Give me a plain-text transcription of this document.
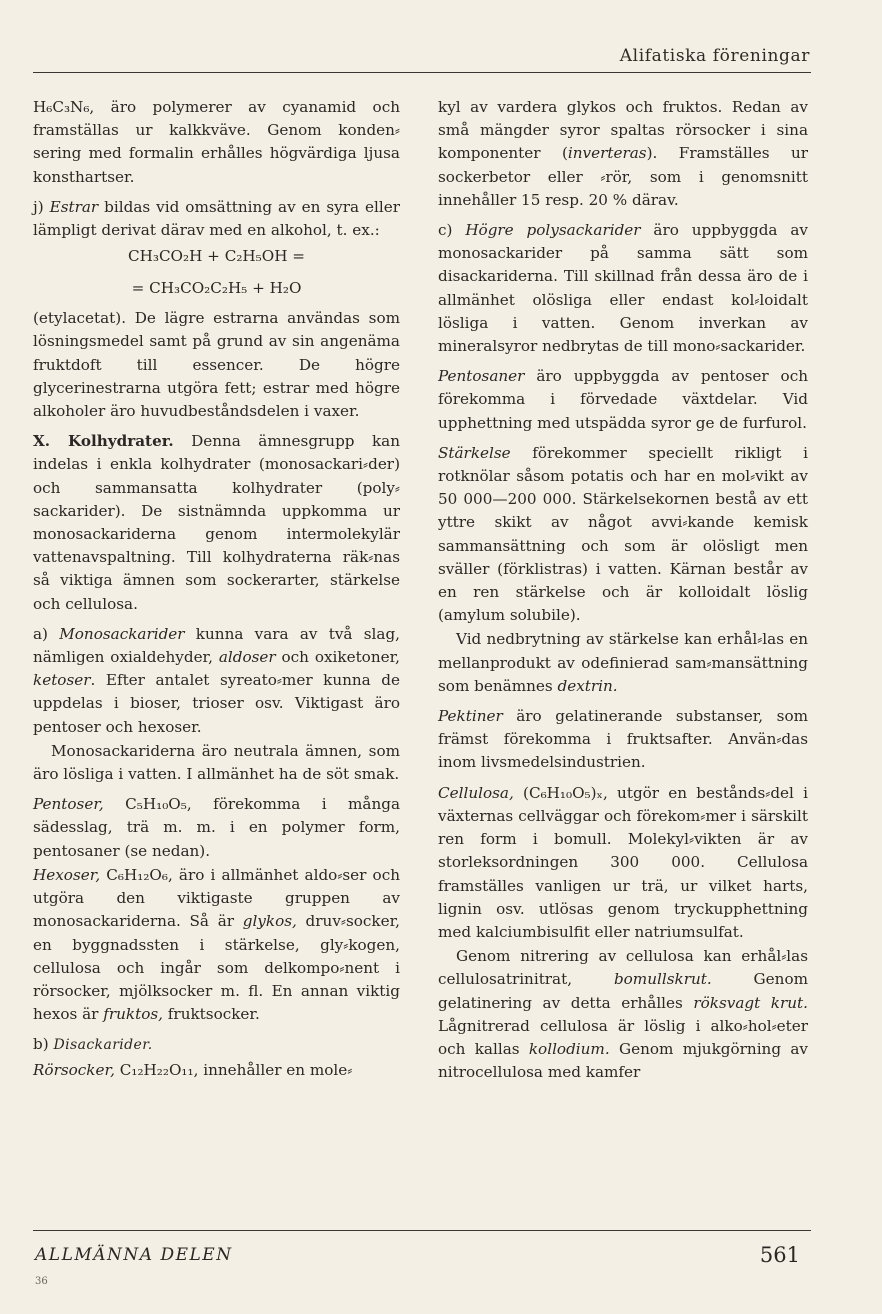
Alifatiska föreningar

H₆C₃N₆, äro polymerer av cyanamid och framställas ur kalkkväve. Genom konden⸗sering med formalin erhålles högvärdiga ljusa konsthartser.

j) Estrar bildas vid omsättning av en syra eller lämpligt derivat därav med en alkohol, t. ex.:

CH₃CO₂H + C₂H₅OH =

= CH₃CO₂C₂H₅ + H₂O

(etylacetat). De lägre estrarna användas som lösningsmedel samt på grund av sin angenäma fruktdoft till essencer. De högre glycerinestrarna utgöra fett; estrar med högre alkoholer äro huvudbeståndsdelen i vaxer.

X. Kolhydrater. Denna ämnesgrupp kan indelas i enkla kolhydrater (monosackari⸗der) och sammansatta kolhydrater (poly⸗sackarider). De sistnämnda uppkomma ur monosackariderna genom intermolekylär vattenavspaltning. Till kolhydraterna räk⸗nas så viktiga ämnen som sockerarter, stärkelse och cellulosa.

a) Monosackarider kunna vara av två slag, nämligen oxialdehyder, aldoser och oxiketoner, ketoser. Efter antalet syreato⸗mer kunna de uppdelas i bioser, trioser osv. Viktigast äro pentoser och hexoser.

Monosackariderna äro neutrala ämnen, som äro lösliga i vatten. I allmänhet ha de söt smak.

Pentoser, C₅H₁₀O₅, förekomma i många sädesslag, trä m. m. i en polymer form, pentosaner (se nedan).

Hexoser, C₆H₁₂O₆, äro i allmänhet aldo⸗ser och utgöra den viktigaste gruppen av monosackariderna. Så är glykos, druv⸗socker, en byggnadssten i stärkelse, gly⸗kogen, cellulosa och ingår som delkompo⸗nent i rörsocker, mjölksocker m. fl. En annan viktig hexos är fruktos, fruktsocker.

b) Disackarider.

Rörsocker, C₁₂H₂₂O₁₁, innehåller en mole⸗

kyl av vardera glykos och fruktos. Redan av små mängder syror spaltas rörsocker i sina komponenter (inverteras). Framställes ur sockerbetor eller ⸗rör, som i genomsnitt innehåller 15 resp. 20 % därav.

c) Högre polysackarider äro uppbyggda av monosackarider på samma sätt som disackariderna. Till skillnad från dessa äro de i allmänhet olösliga eller endast kol⸗loidalt lösliga i vatten. Genom inverkan av mineralsyror nedbrytas de till mono⸗sackarider.

Pentosaner äro uppbyggda av pentoser och förekomma i förvedade växtdelar. Vid upphettning med utspädda syror ge de furfurol.

Stärkelse förekommer speciellt rikligt i rotknölar såsom potatis och har en mol⸗vikt av 50 000—200 000. Stärkelsekornen bestå av ett yttre skikt av något avvi⸗kande kemisk sammansättning och som är olösligt men sväller (förklistras) i vatten. Kärnan består av en ren stärkelse och är kolloidalt löslig (amylum solubile).

Vid nedbrytning av stärkelse kan erhål⸗las en mellanprodukt av odefinierad sam⸗mansättning som benämnes dextrin.

Pektiner äro gelatinerande substanser, som främst förekomma i fruktsafter. Använ⸗das inom livsmedelsindustrien.

Cellulosa, (C₆H₁₀O₅)ₓ, utgör en bestånds⸗del i växternas cellväggar och förekom⸗mer i särskilt ren form i bomull. Molekyl⸗vikten är av storleksordningen 300 000. Cellulosa framställes vanligen ur trä, ur vilket harts, lignin osv. utlösas genom tryckupphettning med kalciumbisulfit eller natriumsulfat.

Genom nitrering av cellulosa kan erhål⸗las cellulosatrinitrat, bomullskrut. Genom gelatinering av detta erhålles röksvagt krut. Lågnitrerad cellulosa är löslig i alko⸗hol⸗eter och kallas kollodium. Genom mjukgörning av nitrocellulosa med kamfer

ALLMÄNNA DELEN	561
36
